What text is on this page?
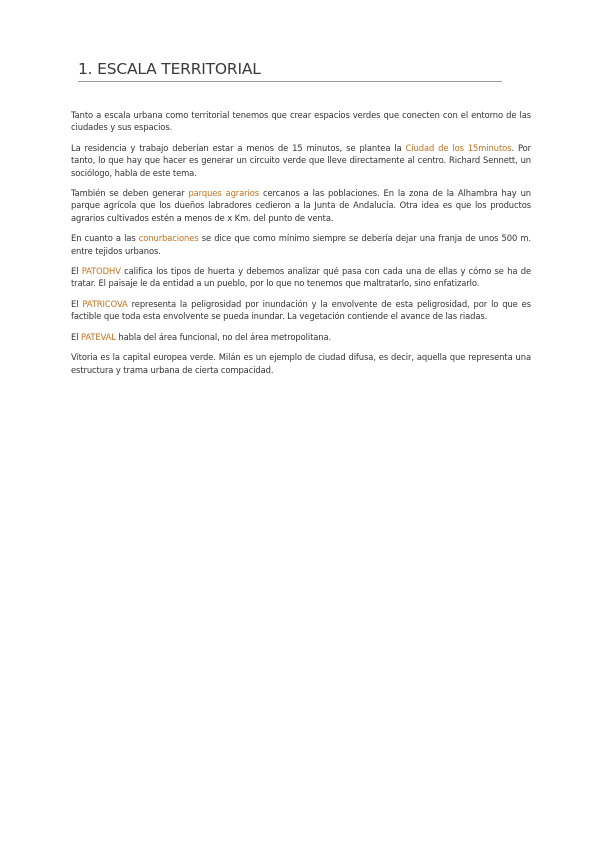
1. ESCALA TERRITORIAL

Tanto a escala urbana como territorial tenemos que crear espacios verdes que conecten con el entorno de las ciudades y sus espacios.

La residencia y trabajo deberían estar a menos de 15 minutos, se plantea la Ciudad de los 15minutos. Por tanto, lo que hay que hacer es generar un circuito verde que lleve directamente al centro. Richard Sennett, un sociólogo, habla de este tema.

También se deben generar parques agrarios cercanos a las poblaciones. En la zona de la Alhambra hay un parque agrícola que los dueños labradores cedieron a la Junta de Andalucía. Otra idea es que los productos agrarios cultivados estén a menos de x Km. del punto de venta.

En cuanto a las conurbaciones se dice que como mínimo siempre se debería dejar una franja de unos 500 m. entre tejidos urbanos.

El PATODHV califica los tipos de huerta y debemos analizar qué pasa con cada una de ellas y cómo se ha de tratar. El paisaje le da entidad a un pueblo, por lo que no tenemos que maltratarlo, sino enfatizarlo.

El PATRICOVA representa la peligrosidad por inundación y la envolvente de esta peligrosidad, por lo que es factible que toda esta envolvente se pueda inundar. La vegetación contiende el avance de las riadas.

El PATEVAL habla del área funcional, no del área metropolitana.

Vitoria es la capital europea verde. Milán es un ejemplo de ciudad difusa, es decir, aquella que representa una estructura y trama urbana de cierta compacidad.
